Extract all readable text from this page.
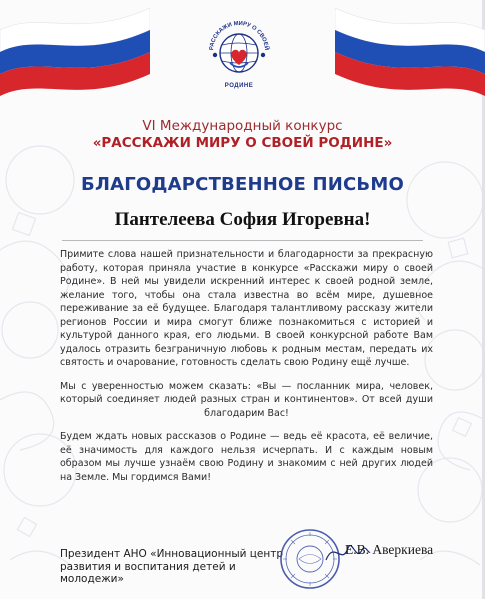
РАССКАЖИ МИРУ О СВОЕЙ
РОДИНЕ
VI Международный конкурс
«РАССКАЖИ МИРУ О СВОЕЙ РОДИНЕ»
БЛАГОДАРСТВЕННОЕ ПИСЬМО
Пантелеева София Игоревна!

Примите слова нашей признательности и благодарности за прекрасную работу, которая приняла участие в конкурсе «Расскажи миру о своей Родине». В ней мы увидели искренний интерес к своей родной земле, желание того, чтобы она стала известна во всём мире, душевное переживание за её будущее. Благодаря талантливому рассказу жители регионов России и мира смогут ближе познакомиться с историей и культурой данного края, его людьми. В своей конкурсной работе Вам удалось отразить безграничную любовь к родным местам, передать их святость и очарование, готовность сделать свою Родину ещё лучше.

Мы с уверенностью можем сказать: «Вы — посланник мира, человек, который соединяет людей разных стран и континентов». От всей души благодарим Вас!

Будем ждать новых рассказов о Родине — ведь её красота, её величие, её значимость для каждого нельзя исчерпать. И с каждым новым образом мы лучше узнаём свою Родину и знакомим с ней других людей на Земле. Мы гордимся Вами!

Президент АНО «Инновационный центр развития и воспитания детей и молодежи»
Е.В. Аверкиева
